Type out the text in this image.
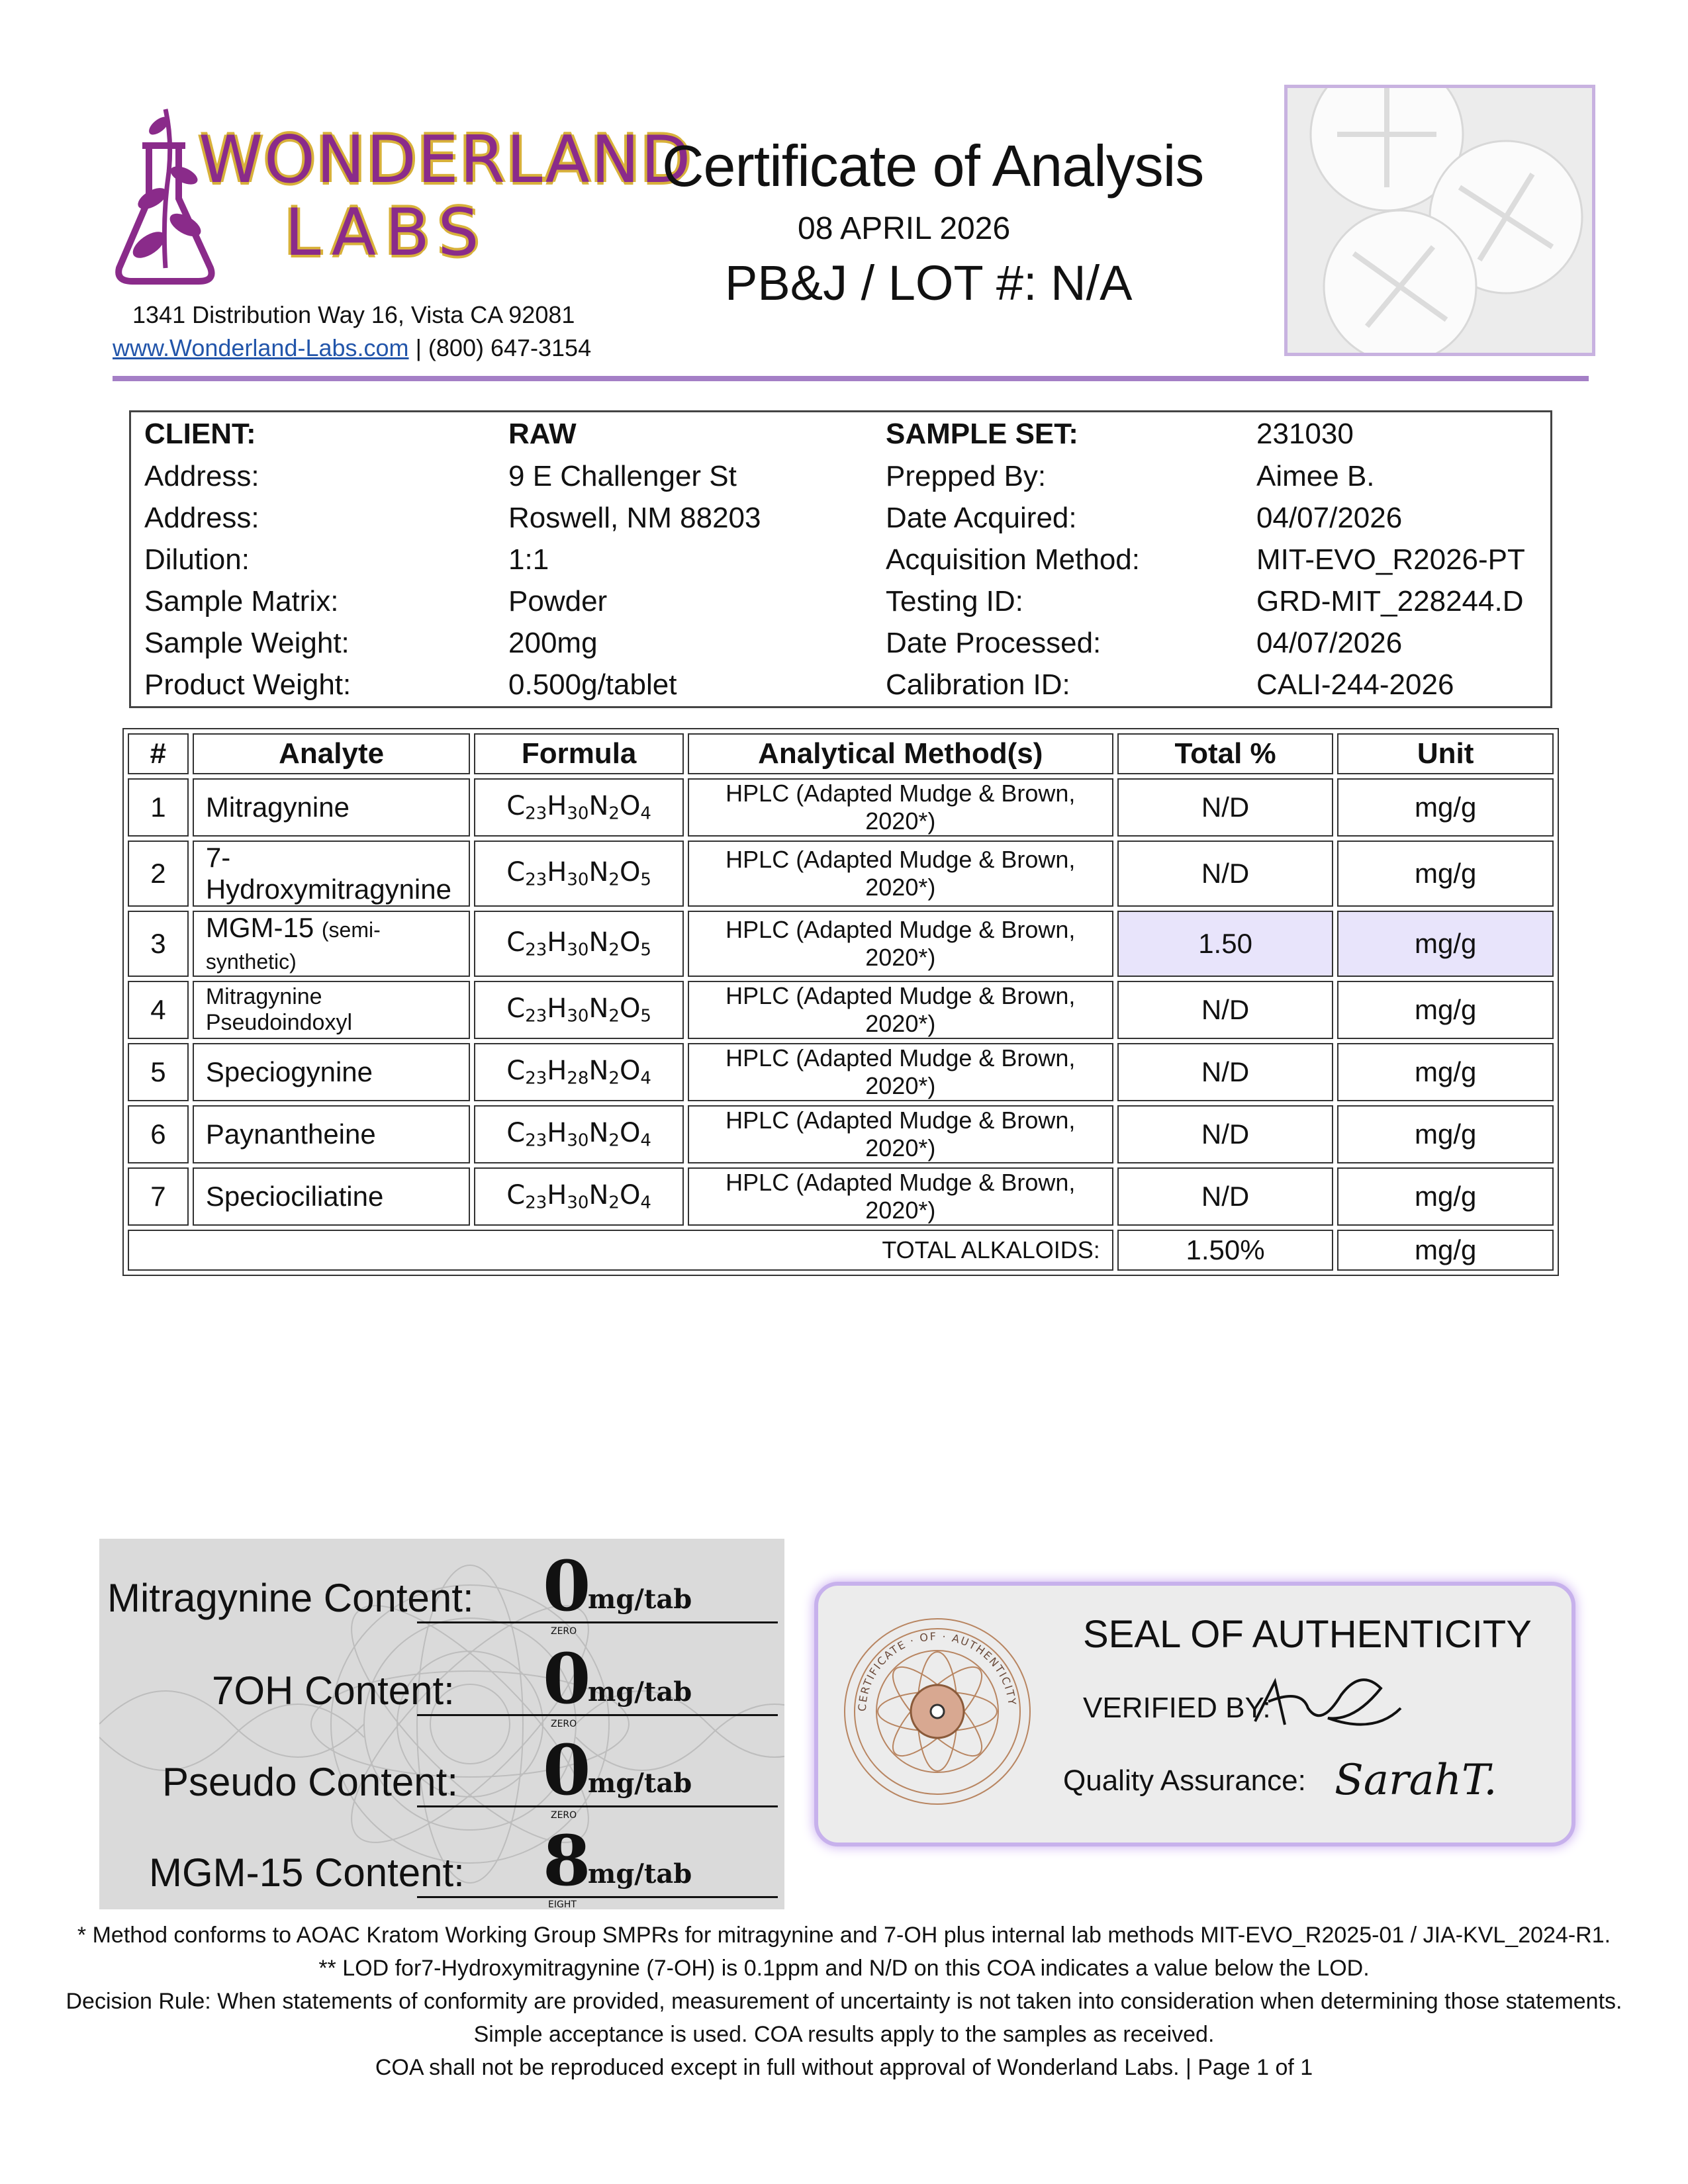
WONDERLAND
LABS
1341 Distribution Way 16, Vista CA 92081
www.Wonderland-Labs.com | (800) 647-3154
Certificate of Analysis
08 APRIL 2026
PB&J / LOT #: N/A
CLIENT:	RAW	SAMPLE SET:	231030
Address:	9 E Challenger St	Prepped By:	Aimee B.
Address:	Roswell, NM 88203	Date Acquired:	04/07/2026
Dilution:	1:1	Acquisition Method:	MIT-EVO_R2026-PT
Sample Matrix:	Powder	Testing ID:	GRD-MIT_228244.D
Sample Weight:	200mg	Date Processed:	04/07/2026
Product Weight:	0.500g/tablet	Calibration ID:	CALI-244-2026
#	Analyte	Formula	Analytical Method(s)	Total %	Unit
1	Mitragynine	$C_{23}H_{30}N_2O_4$	HPLC (Adapted Mudge & Brown, 2020*)	N/D	mg/g
2	7-Hydroxymitragynine	$C_{23}H_{30}N_2O_5$	HPLC (Adapted Mudge & Brown, 2020*)	N/D	mg/g
3	MGM-15 (semi-synthetic)	$C_{23}H_{30}N_2O_5$	HPLC (Adapted Mudge & Brown, 2020*)	1.50	mg/g
4	Mitragynine Pseudoindoxyl	$C_{23}H_{30}N_2O_5$	HPLC (Adapted Mudge & Brown, 2020*)	N/D	mg/g
5	Speciogynine	$C_{23}H_{28}N_2O_4$	HPLC (Adapted Mudge & Brown, 2020*)	N/D	mg/g
6	Paynantheine	$C_{23}H_{30}N_2O_4$	HPLC (Adapted Mudge & Brown, 2020*)	N/D	mg/g
7	Speciociliatine	$C_{23}H_{30}N_2O_4$	HPLC (Adapted Mudge & Brown, 2020*)	N/D	mg/g
TOTAL ALKALOIDS:				1.50%	mg/g
Mitragynine Content: 0
mg/tab
ZERO
7OH Content: 0
mg/tab
ZERO
Pseudo Content: 0
mg/tab
ZERO
MGM-15 Content: 8
mg/tab
EIGHT
CERTIFICATE · OF · AUTHENTICITY
SEAL OF AUTHENTICITY
VERIFIED BY:
Quality Assurance: SarahT.
* Method conforms to AOAC Kratom Working Group SMPRs for mitragynine and 7-OH plus internal lab methods MIT-EVO_R2025-01 / JIA-KVL_2024-R1.
** LOD for7-Hydroxymitragynine (7-OH) is 0.1ppm and N/D on this COA indicates a value below the LOD.
Decision Rule: When statements of conformity are provided, measurement of uncertainty is not taken into consideration when determining those statements.
Simple acceptance is used. COA results apply to the samples as received.
COA shall not be reproduced except in full without approval of Wonderland Labs. | Page 1 of 1
